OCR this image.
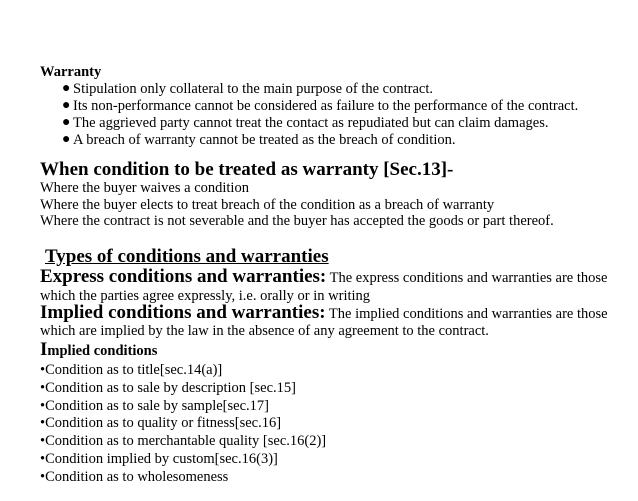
Warranty
● Stipulation only collateral to the main purpose of the contract.
● Its non-performance cannot be considered as failure to the performance of the contract.
● The aggrieved party cannot treat the contact as repudiated but can claim damages.
● A breach of warranty cannot be treated as the breach of condition.
When condition to be treated as warranty [Sec.13]-
Where the buyer waives a condition
Where the buyer elects to treat breach of the condition as a breach of warranty
Where the contract is not severable and the buyer has accepted the goods or part thereof.
Types of conditions and warranties
Express conditions and warranties: The express conditions and warranties are those
which the parties agree expressly, i.e. orally or in writing
Implied conditions and warranties: The implied conditions and warranties are those
which are implied by the law in the absence of any agreement to the contract.
Implied conditions
•Condition as to title[sec.14(a)]
•Condition as to sale by description [sec.15]
•Condition as to sale by sample[sec.17]
•Condition as to quality or fitness[sec.16]
•Condition as to merchantable quality [sec.16(2)]
•Condition implied by custom[sec.16(3)]
•Condition as to wholesomeness
